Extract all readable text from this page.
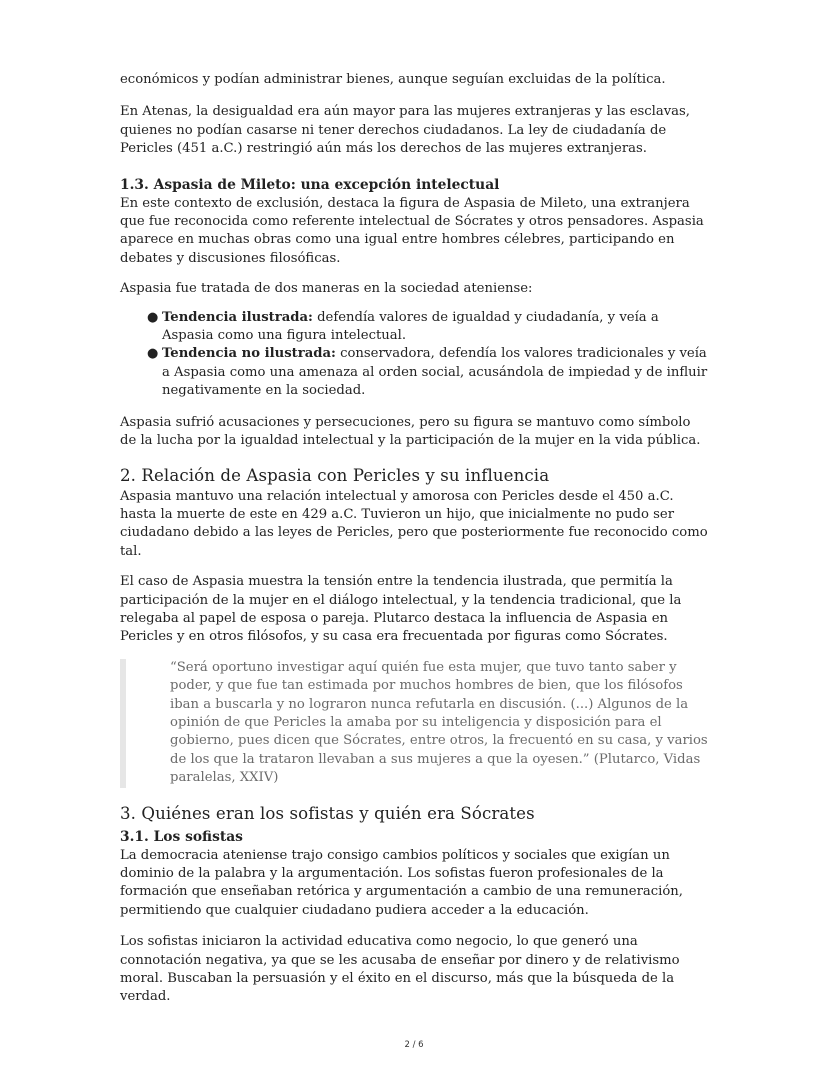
económicos y podían administrar bienes, aunque seguían excluidas de la política.

En Atenas, la desigualdad era aún mayor para las mujeres extranjeras y las esclavas, quienes no podían casarse ni tener derechos ciudadanos. La ley de ciudadanía de Pericles (451 a.C.) restringió aún más los derechos de las mujeres extranjeras.

1.3. Aspasia de Mileto: una excepción intelectual

En este contexto de exclusión, destaca la figura de Aspasia de Mileto, una extranjera que fue reconocida como referente intelectual de Sócrates y otros pensadores. Aspasia aparece en muchas obras como una igual entre hombres célebres, participando en debates y discusiones filosóficas.

Aspasia fue tratada de dos maneras en la sociedad ateniense:

● Tendencia ilustrada: defendía valores de igualdad y ciudadanía, y veía a Aspasia como una figura intelectual.
● Tendencia no ilustrada: conservadora, defendía los valores tradicionales y veía a Aspasia como una amenaza al orden social, acusándola de impiedad y de influir negativamente en la sociedad.

Aspasia sufrió acusaciones y persecuciones, pero su figura se mantuvo como símbolo de la lucha por la igualdad intelectual y la participación de la mujer en la vida pública.

2. Relación de Aspasia con Pericles y su influencia

Aspasia mantuvo una relación intelectual y amorosa con Pericles desde el 450 a.C. hasta la muerte de este en 429 a.C. Tuvieron un hijo, que inicialmente no pudo ser ciudadano debido a las leyes de Pericles, pero que posteriormente fue reconocido como tal.

El caso de Aspasia muestra la tensión entre la tendencia ilustrada, que permitía la participación de la mujer en el diálogo intelectual, y la tendencia tradicional, que la relegaba al papel de esposa o pareja. Plutarco destaca la influencia de Aspasia en Pericles y en otros filósofos, y su casa era frecuentada por figuras como Sócrates.

“Será oportuno investigar aquí quién fue esta mujer, que tuvo tanto saber y poder, y que fue tan estimada por muchos hombres de bien, que los filósofos iban a buscarla y no lograron nunca refutarla en discusión. (...) Algunos de la opinión de que Pericles la amaba por su inteligencia y disposición para el gobierno, pues dicen que Sócrates, entre otros, la frecuentó en su casa, y varios de los que la trataron llevaban a sus mujeres a que la oyesen.” (Plutarco, Vidas paralelas, XXIV)

3. Quiénes eran los sofistas y quién era Sócrates
3.1. Los sofistas

La democracia ateniense trajo consigo cambios políticos y sociales que exigían un dominio de la palabra y la argumentación. Los sofistas fueron profesionales de la formación que enseñaban retórica y argumentación a cambio de una remuneración, permitiendo que cualquier ciudadano pudiera acceder a la educación.

Los sofistas iniciaron la actividad educativa como negocio, lo que generó una connotación negativa, ya que se les acusaba de enseñar por dinero y de relativismo moral. Buscaban la persuasión y el éxito en el discurso, más que la búsqueda de la verdad.

2 / 6
